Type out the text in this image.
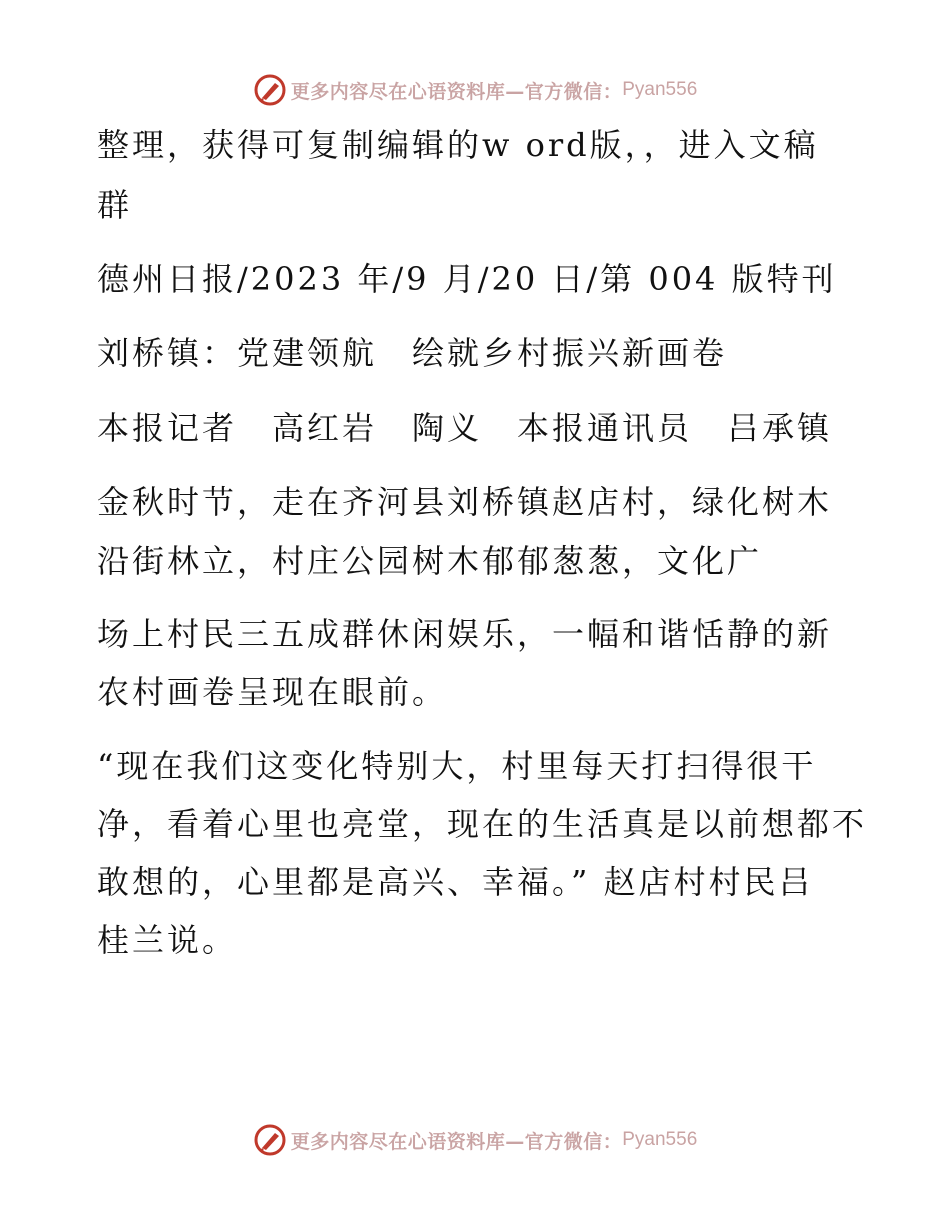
更多内容尽在心语资料库—官方微信： Pyan556
整理，获得可复制编辑的w ord版，，进入文稿
群
德州日报/2023 年/9 月/20 日/第 004 版特刊
刘桥镇：党建领航　绘就乡村振兴新画卷
本报记者　高红岩　陶义　本报通讯员　吕承镇
金秋时节，走在齐河县刘桥镇赵店村，绿化树木
沿街林立，村庄公园树木郁郁葱葱，文化广
场上村民三五成群休闲娱乐，一幅和谐恬静的新
农村画卷呈现在眼前。
“现在我们这变化特别大，村里每天打扫得很干
净，看着心里也亮堂，现在的生活真是以前想都不
敢想的，心里都是高兴、幸福。” 赵店村村民吕
桂兰说。
更多内容尽在心语资料库—官方微信： Pyan556
